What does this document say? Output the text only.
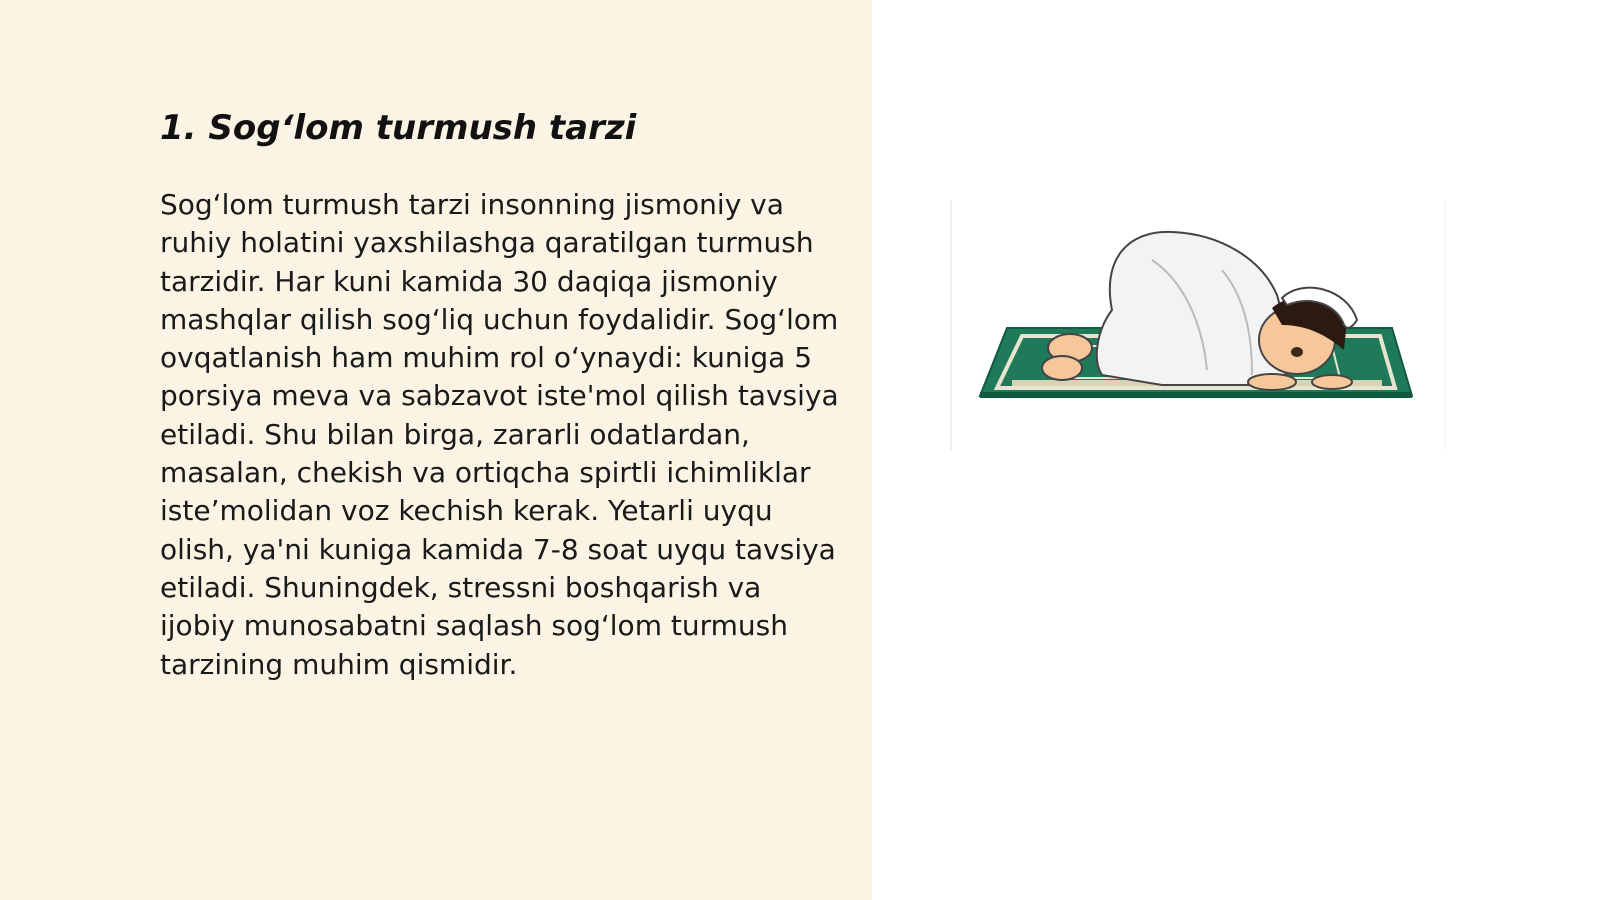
1. Sog‘lom turmush tarzi

Sog‘lom turmush tarzi insonning jismoniy va ruhiy holatini yaxshilashga qaratilgan turmush tarzidir. Har kuni kamida 30 daqiqa jismoniy mashqlar qilish sog‘liq uchun foydalidir. Sog‘lom ovqatlanish ham muhim rol o‘ynaydi: kuniga 5 porsiya meva va sabzavot iste'mol qilish tavsiya etiladi. Shu bilan birga, zararli odatlardan, masalan, chekish va ortiqcha spirtli ichimliklar iste’molidan voz kechish kerak. Yetarli uyqu olish, ya'ni kuniga kamida 7-8 soat uyqu tavsiya etiladi. Shuningdek, stressni boshqarish va ijobiy munosabatni saqlash sog‘lom turmush tarzining muhim qismidir.
